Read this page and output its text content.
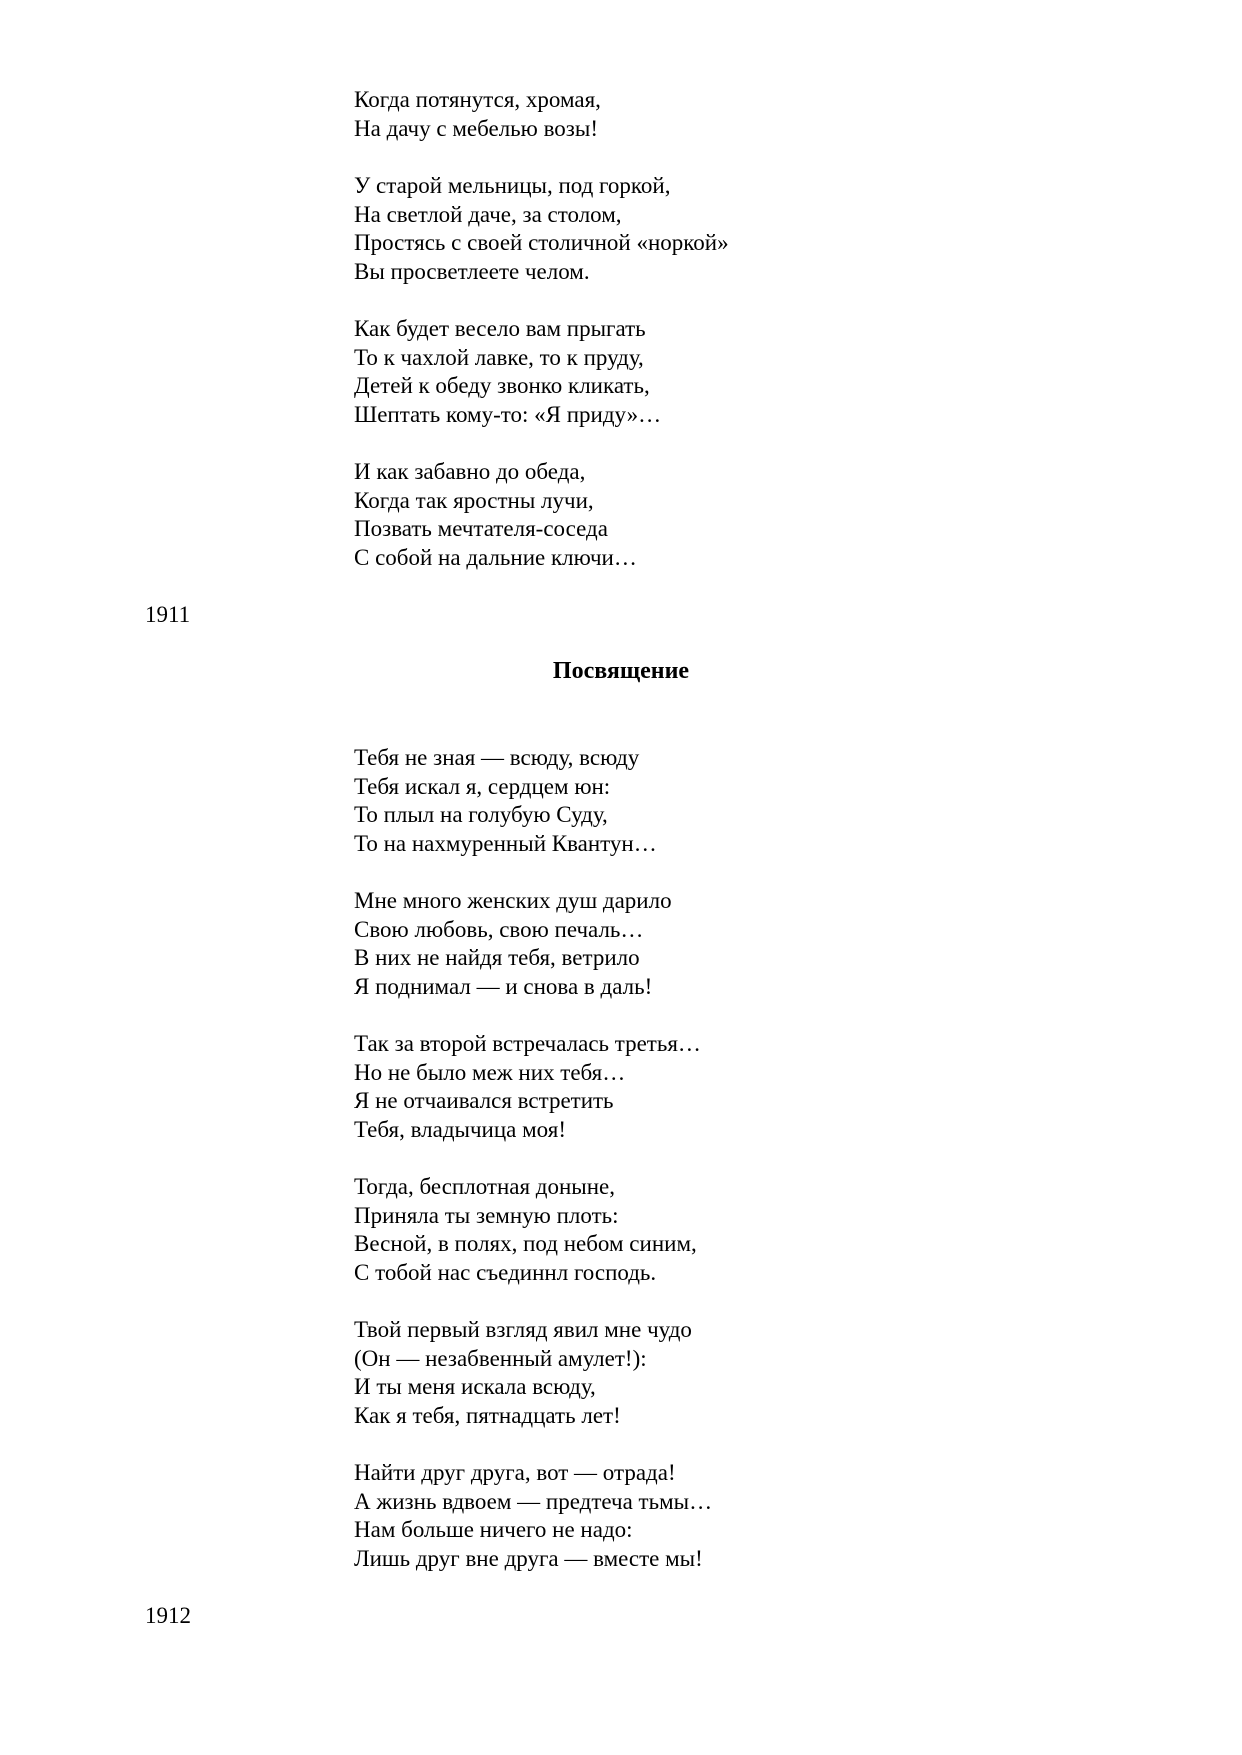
Когда потянутся, хромая,
На дачу с мебелью возы!
У старой мельницы, под горкой,
На светлой даче, за столом,
Простясь с своей столичной «норкой»
Вы просветлеете челом.
Как будет весело вам прыгать
То к чахлой лавке, то к пруду,
Детей к обеду звонко кликать,
Шептать кому-то: «Я приду»…
И как забавно до обеда,
Когда так яростны лучи,
Позвать мечтателя-соседа
С собой на дальние ключи…

1911

Посвящение
Тебя не зная — всюду, всюду
Тебя искал я, сердцем юн:
То плыл на голубую Суду,
То на нахмуренный Квантун…
Мне много женских душ дарило
Свою любовь, свою печаль…
В них не найдя тебя, ветрило
Я поднимал — и снова в даль!
Так за второй встречалась третья…
Но не было меж них тебя…
Я не отчаивался встретить
Тебя, владычица моя!
Тогда, бесплотная доныне,
Приняла ты земную плоть:
Весной, в полях, под небом синим,
С тобой нас съединнл господь.
Твой первый взгляд явил мне чудо
(Он — незабвенный амулет!):
И ты меня искала всюду,
Как я тебя, пятнадцать лет!
Найти друг друга, вот — отрада!
А жизнь вдвоем — предтеча тьмы…
Нам больше ничего не надо:
Лишь друг вне друга — вместе мы!

1912
